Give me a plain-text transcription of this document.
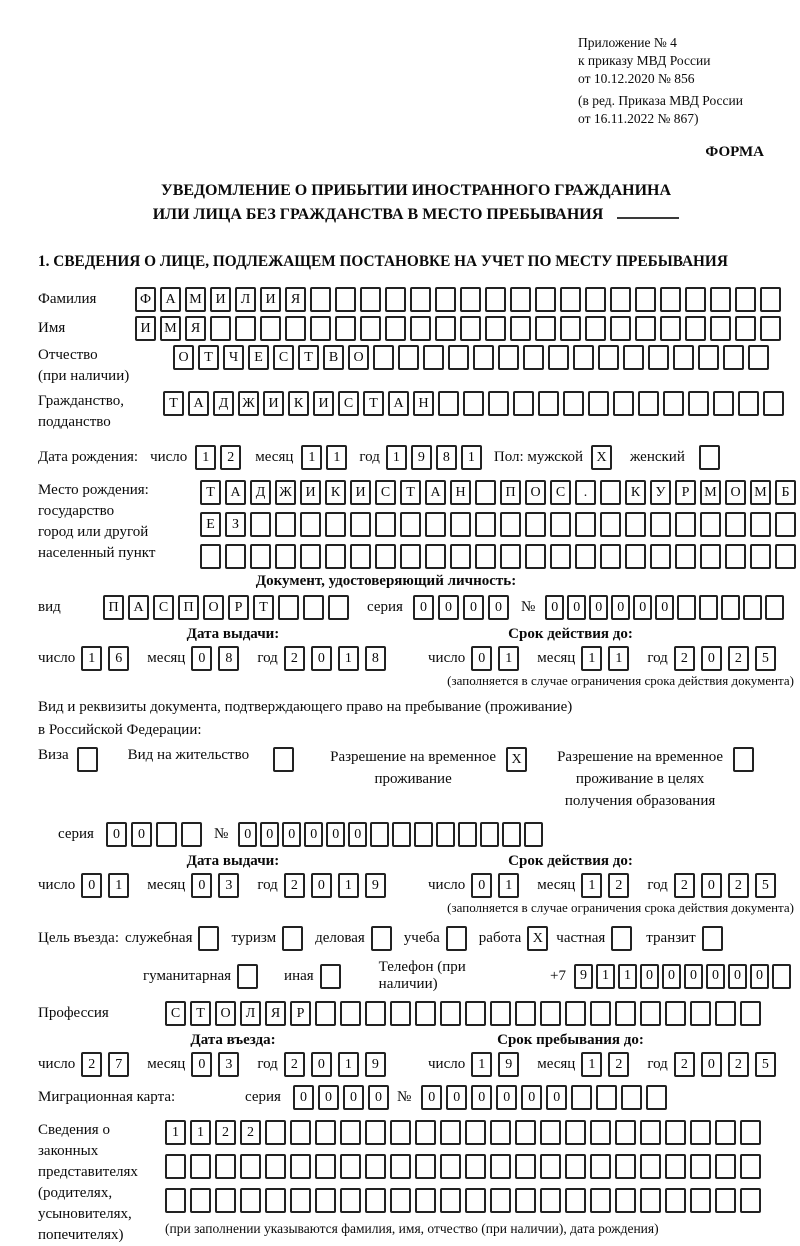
Приложение № 4
к приказу МВД России
от 10.12.2020 № 856
(в ред. Приказа МВД России
от 16.11.2022 № 867)
ФОРМА
УВЕДОМЛЕНИЕ О ПРИБЫТИИ ИНОСТРАННОГО ГРАЖДАНИНА
ИЛИ ЛИЦА БЕЗ ГРАЖДАНСТВА В МЕСТО ПРЕБЫВАНИЯ
1. СВЕДЕНИЯ О ЛИЦЕ, ПОДЛЕЖАЩЕМ ПОСТАНОВКЕ НА УЧЕТ ПО МЕСТУ ПРЕБЫВАНИЯ
Фамилия	Ф	А М И	Л	И	Я
Имя	И М	Я
Отчество
(при наличии)
О	Т	Ч	Е	С	Т	В	О
Гражданство,
подданство
Т	А	Д Ж И	К	И	С	Т	А	Н
Дата рождения: число	1	2	месяц	1	1	год 1	9	8	1	Пол: мужской X	женский
Место рождения:
государство
город или другой
населенный пункт
Т	А	Д Ж И	К	И	С	Т	А	Н	П	О	С	.	К	У	Р	М О М	Б
Е	З
Документ, удостоверяющий личность:
вид	П	А	С	П	О	Р	Т	серия	0	0	0	0	№	0	0	0	0	0	0
Дата выдачи:	Срок действия до:
число 1	6	месяц 0	8	год 2	0	1	8	число 0	1	месяц 1	1	год 2	0	2	5
(заполняется в случае ограничения срока действия документа)
Вид и реквизиты документа, подтверждающего право на пребывание (проживание)
в Российской Федерации:
Виза	Вид на жительство	Разрешение на временное
проживание
X	Разрешение на временное
проживание в целях
получения образования
серия	0	0	№	0	0	0	0	0	0
Дата выдачи:	Срок действия до:
число 0	1	месяц 0	3	год 2	0	1	9	число 0	1	месяц 1	2	год 2	0	2	5
(заполняется в случае ограничения срока действия документа)
Цель въезда: служебная	туризм	деловая	учеба	работа X частная	транзит
гуманитарная	иная
Телефон (при наличии)
+7	9	1	1	0	0	0	0	0	0
Профессия	С	Т	О	Л	Я	Р
Дата въезда:	Срок пребывания до:
число 2	7	месяц 0	3	год 2	0	1	9	число 1	9	месяц 1	2	год 2	0	2	5
Миграционная карта:	серия	0	0	0	0	№	0	0	0	0	0	0
Сведения о
законных
представителях
(родителях,
усыновителях,
попечителях)
1	1	2	2
(при заполнении указываются фамилия, имя, отчество (при наличии), дата рождения)
